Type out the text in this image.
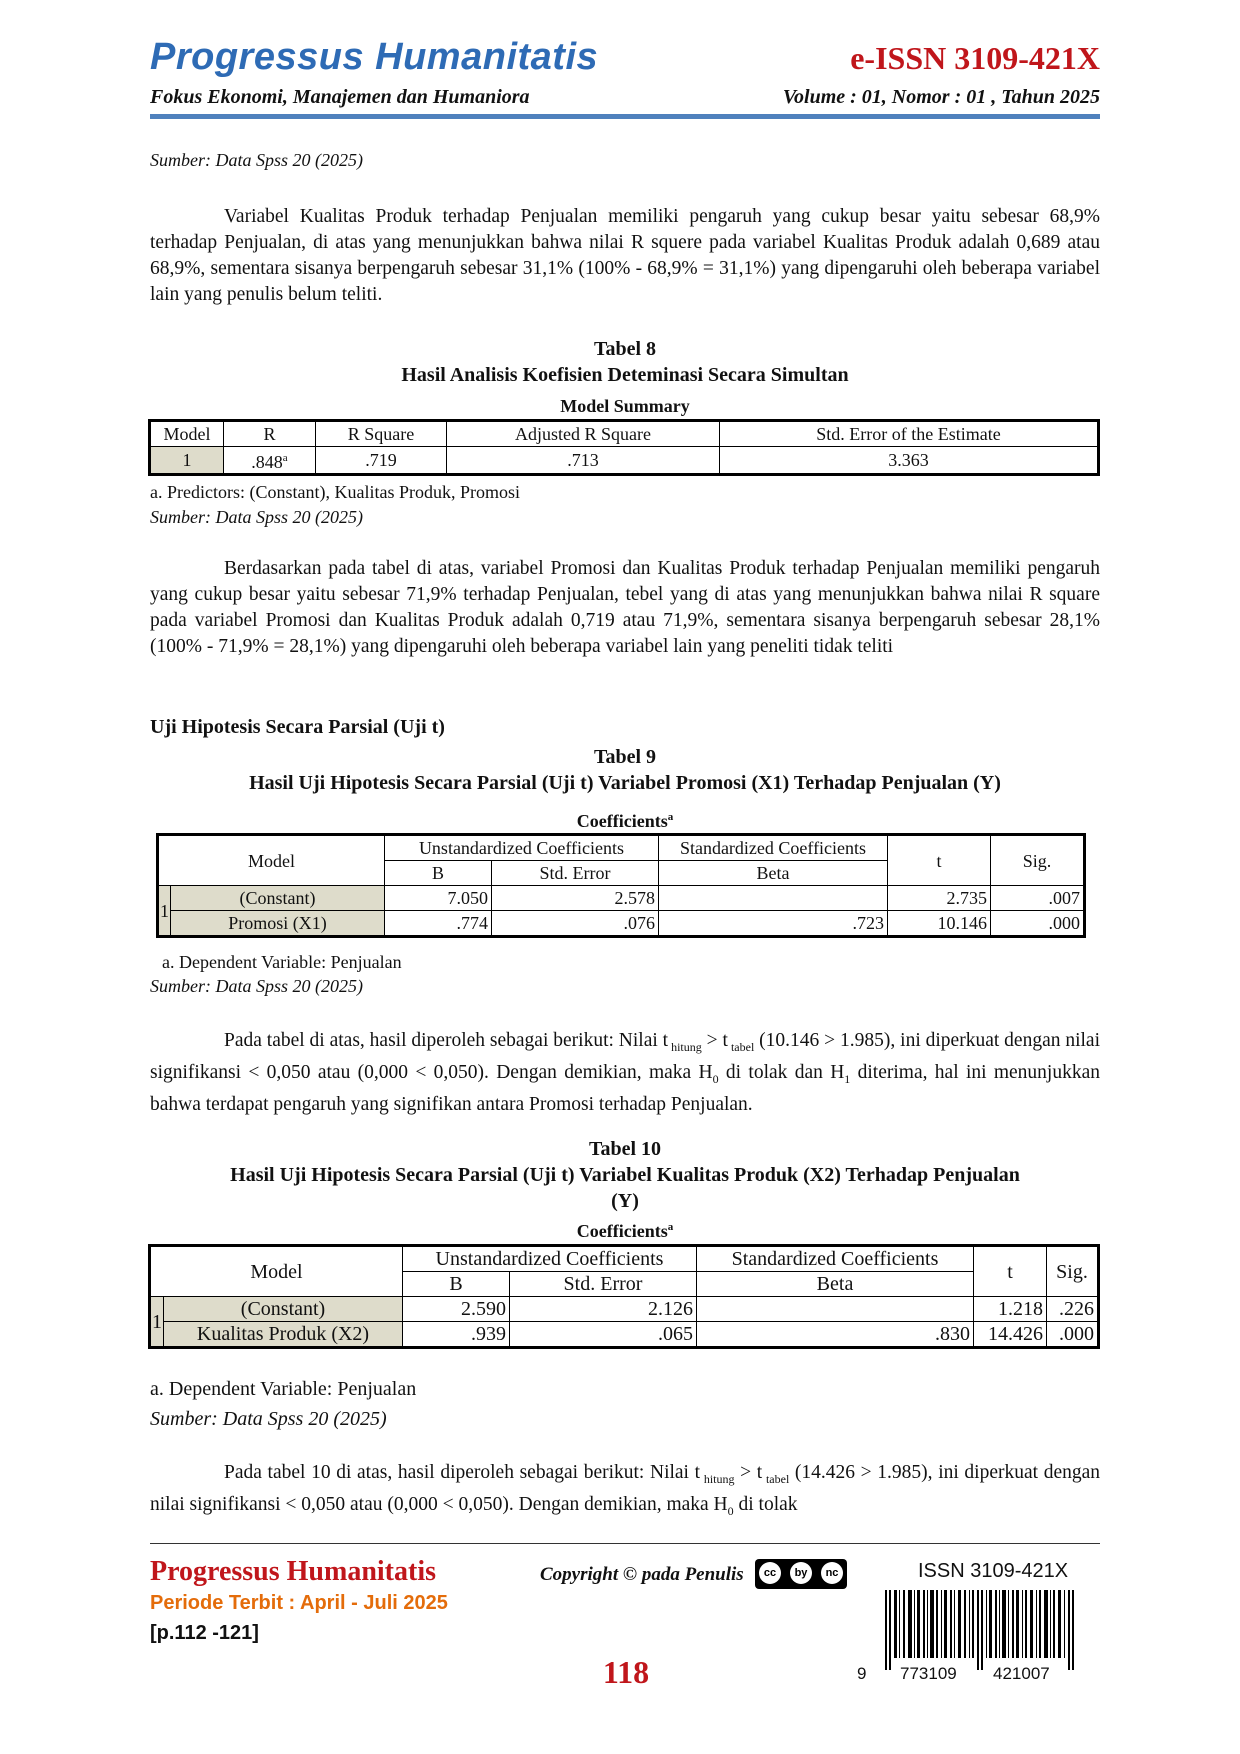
Progressus Humanitatis	e-ISSN 3109-421X
Fokus Ekonomi, Manajemen dan Humaniora	Volume : 01, Nomor : 01 , Tahun 2025
Sumber: Data Spss 20 (2025)
Variabel Kualitas Produk terhadap Penjualan memiliki pengaruh yang cukup besar yaitu sebesar 68,9% terhadap Penjualan, di atas yang menunjukkan bahwa nilai R squere pada variabel Kualitas Produk adalah 0,689 atau 68,9%, sementara sisanya berpengaruh sebesar 31,1% (100% - 68,9% = 31,1%) yang dipengaruhi oleh beberapa variabel lain yang penulis belum teliti.
Tabel 8
Hasil Analisis Koefisien Deteminasi Secara Simultan
Model Summary
Model	R	R Square	Adjusted R Square	Std. Error of the Estimate
1	.848$^a$	.719	.713	3.363
a. Predictors: (Constant), Kualitas Produk, Promosi
Sumber: Data Spss 20 (2025)
Berdasarkan pada tabel di atas, variabel Promosi dan Kualitas Produk terhadap Penjualan memiliki pengaruh yang cukup besar yaitu sebesar 71,9% terhadap Penjualan, tebel yang di atas yang menunjukkan bahwa nilai R square pada variabel Promosi dan Kualitas Produk adalah 0,719 atau 71,9%, sementara sisanya berpengaruh sebesar 28,1% (100% - 71,9% = 28,1%) yang dipengaruhi oleh beberapa variabel lain yang peneliti tidak teliti
Uji Hipotesis Secara Parsial (Uji t)
Tabel 9
Hasil Uji Hipotesis Secara Parsial (Uji t) Variabel Promosi (X1) Terhadap Penjualan (Y)
Coefficients$^a$
Model		Unstandardized Coefficients		Standardized Coefficients	t	Sig.
		B	Std. Error	Beta		
1	(Constant)	7.050	2.578		2.735	.007
	Promosi (X1)	.774	.076	.723	10.146	.000
a. Dependent Variable: Penjualan
Sumber: Data Spss 20 (2025)
Pada tabel di atas, hasil diperoleh sebagai berikut: Nilai t $_{hitung}$ > t $_{tabel}$ (10.146 > 1.985), ini diperkuat dengan nilai signifikansi < 0,050 atau (0,000 < 0,050). Dengan demikian, maka $H_0$ di tolak dan $H_1$ diterima, hal ini menunjukkan bahwa terdapat pengaruh yang signifikan antara Promosi terhadap Penjualan.
Tabel 10
Hasil Uji Hipotesis Secara Parsial (Uji t) Variabel Kualitas Produk (X2) Terhadap Penjualan
(Y)
Coefficients$^a$
Model		Unstandardized Coefficients		Standardized Coefficients	t	Sig.
		B	Std. Error	Beta		
1	(Constant)	2.590	2.126		1.218	.226
	Kualitas Produk (X2)	.939	.065	.830	14.426	.000
a. Dependent Variable: Penjualan
Sumber: Data Spss 20 (2025)
Pada tabel 10 di atas, hasil diperoleh sebagai berikut: Nilai t $_{hitung}$ > t $_{tabel}$ (14.426 > 1.985), ini diperkuat dengan nilai signifikansi < 0,050 atau (0,000 < 0,050). Dengan demikian, maka $H_0$ di tolak
Progressus Humanitatis
Periode Terbit : April - Juli 2025
[p.112 -121]
Copyright © pada Penulis	cc	by	nc
118
ISSN 3109-421X
9 773109 421007
